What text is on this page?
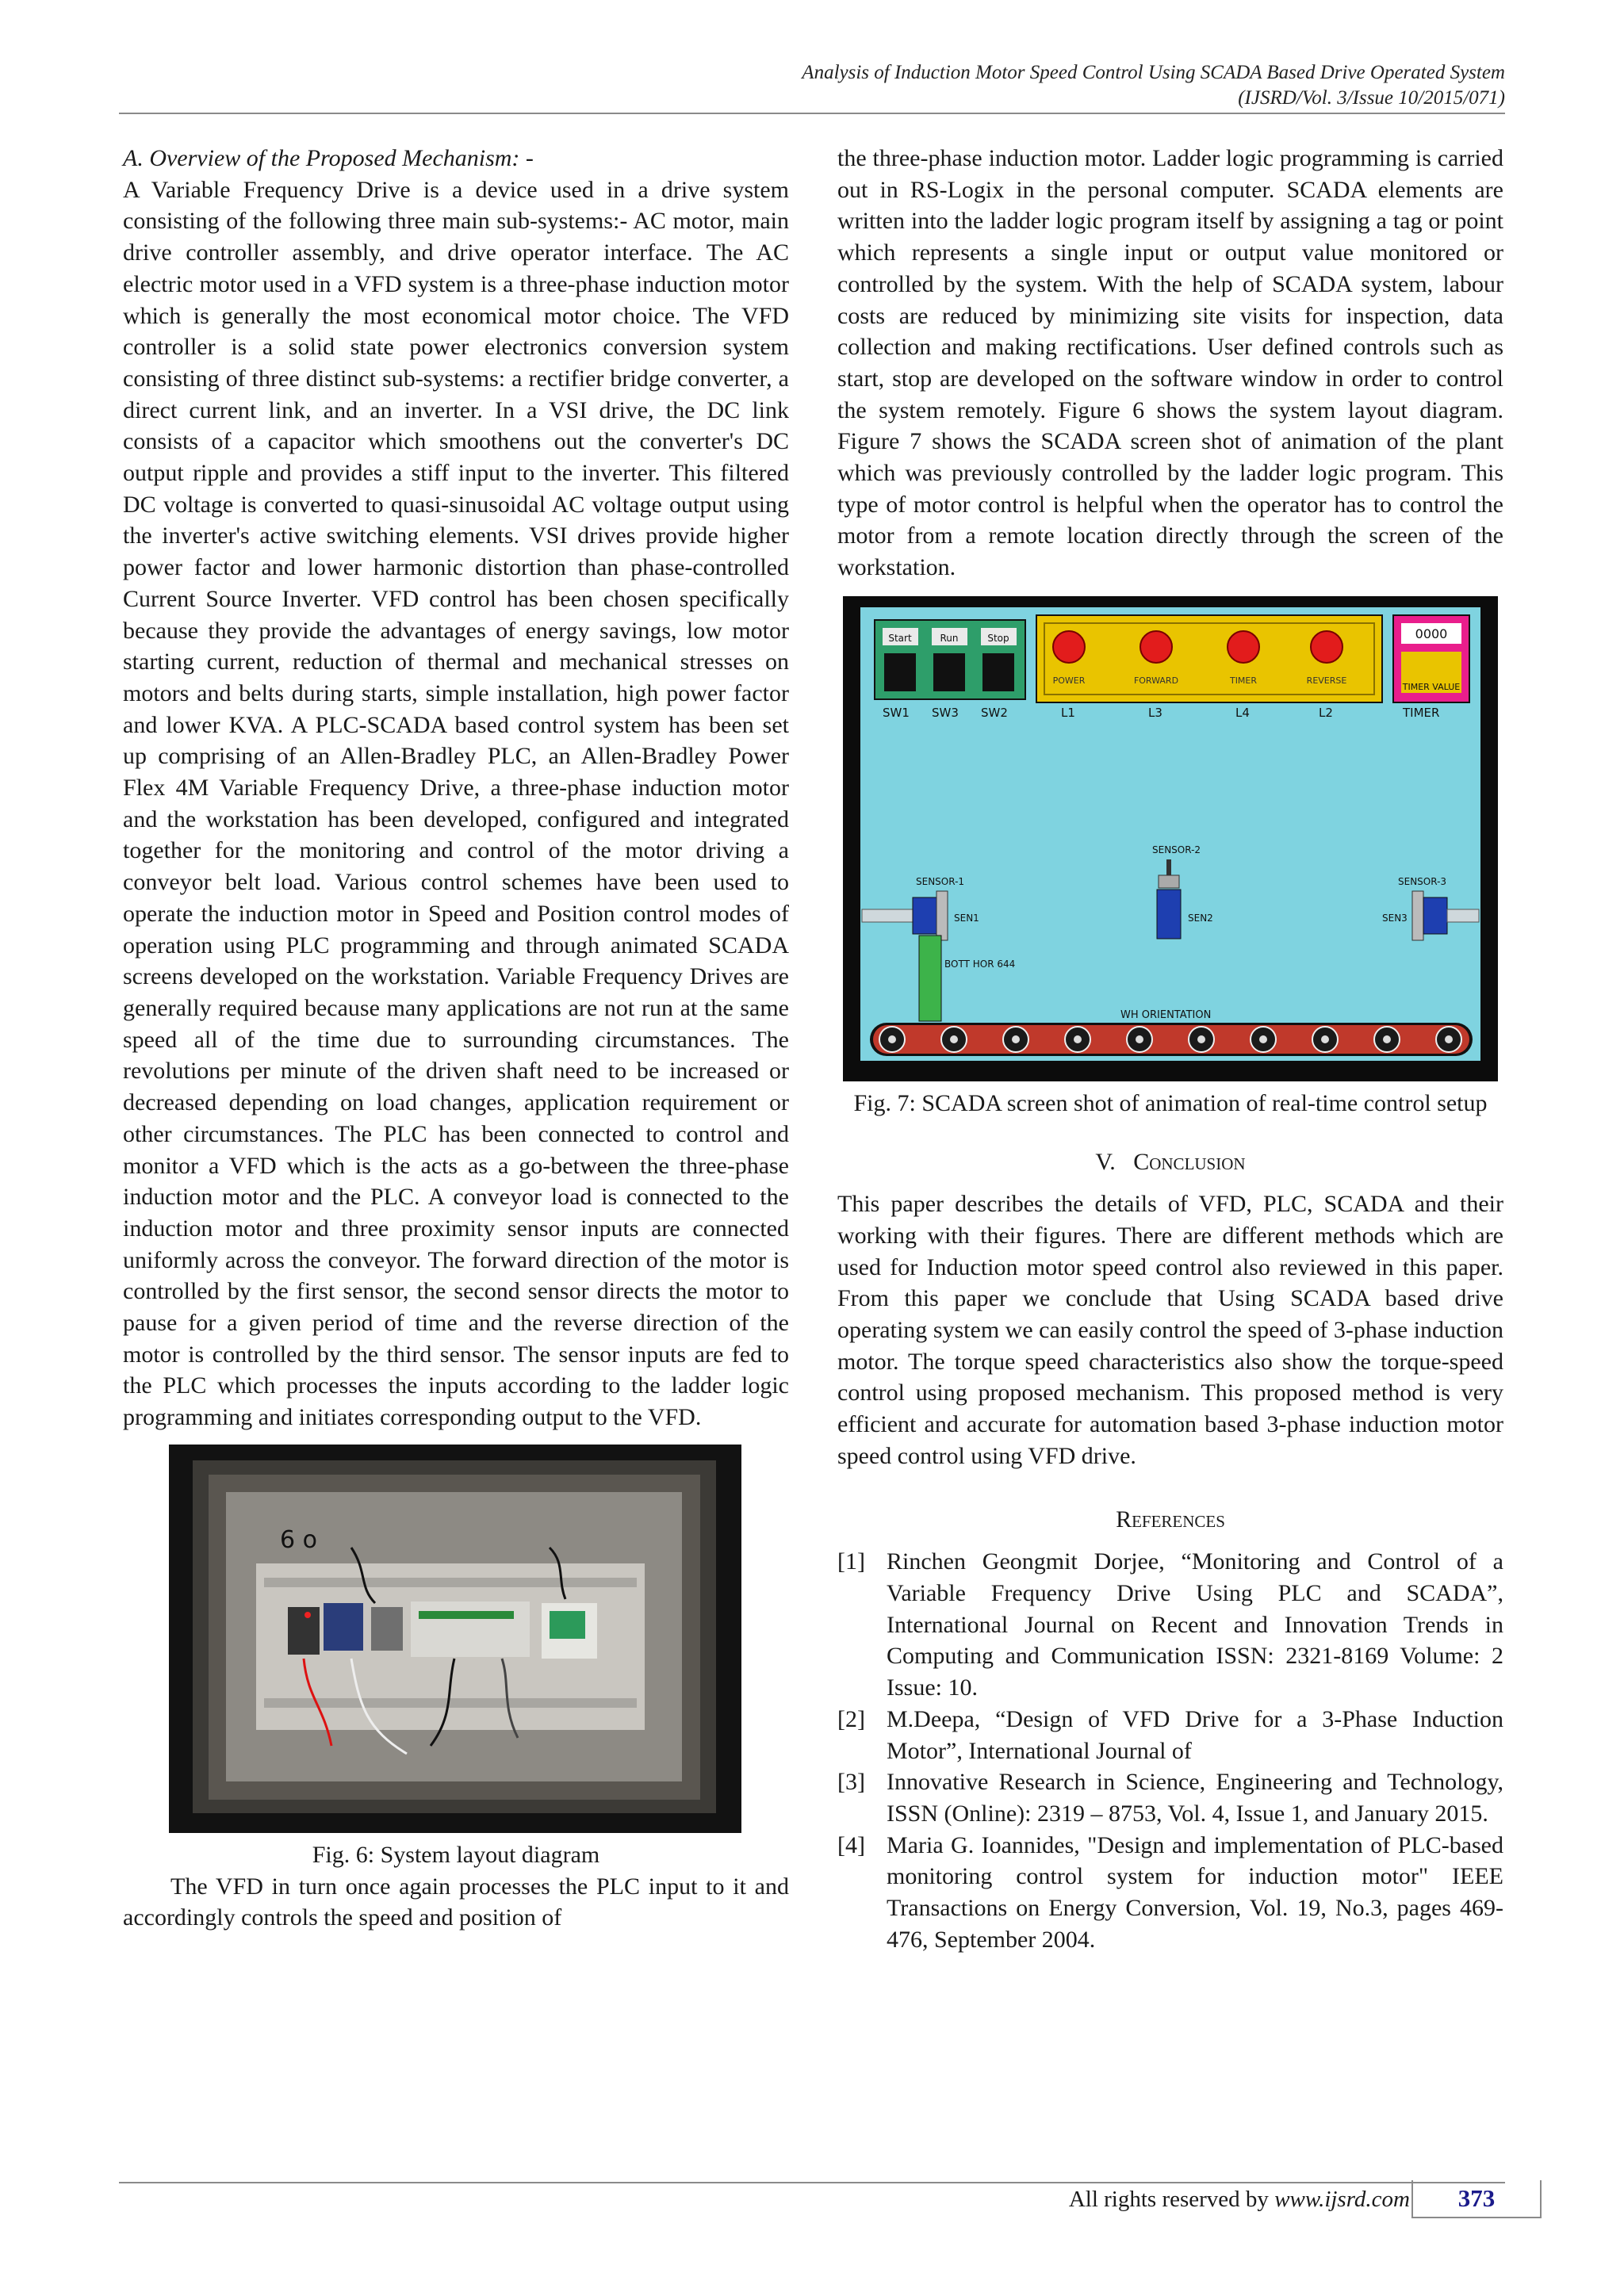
Analysis of Induction Motor Speed Control Using SCADA Based Drive Operated System
(IJSRD/Vol. 3/Issue 10/2015/071)

A. Overview of the Proposed Mechanism: -

A Variable Frequency Drive is a device used in a drive system consisting of the following three main sub-systems:- AC motor, main drive controller assembly, and drive operator interface. The AC electric motor used in a VFD system is a three-phase induction motor which is generally the most economical motor choice. The VFD controller is a solid state power electronics conversion system consisting of three distinct sub-systems: a rectifier bridge converter, a direct current link, and an inverter. In a VSI drive, the DC link consists of a capacitor which smoothens out the converter's DC output ripple and provides a stiff input to the inverter. This filtered DC voltage is converted to quasi-sinusoidal AC voltage output using the inverter's active switching elements. VSI drives provide higher power factor and lower harmonic distortion than phase-controlled Current Source Inverter. VFD control has been chosen specifically because they provide the advantages of energy savings, low motor starting current, reduction of thermal and mechanical stresses on motors and belts during starts, simple installation, high power factor and lower KVA. A PLC-SCADA based control system has been set up comprising of an Allen-Bradley PLC, an Allen-Bradley Power Flex 4M Variable Frequency Drive, a three-phase induction motor and the workstation has been developed, configured and integrated together for the monitoring and control of the motor driving a conveyor belt load. Various control schemes have been used to operate the induction motor in Speed and Position control modes of operation using PLC programming and through animated SCADA screens developed on the workstation. Variable Frequency Drives are generally required because many applications are not run at the same speed all of the time due to surrounding circumstances. The revolutions per minute of the driven shaft need to be increased or decreased depending on load changes, application requirement or other circumstances. The PLC has been connected to control and monitor a VFD which is the acts as a go-between the three-phase induction motor and the PLC. A conveyor load is connected to the induction motor and three proximity sensor inputs are connected uniformly across the conveyor. The forward direction of the motor is controlled by the first sensor, the second sensor directs the motor to pause for a given period of time and the reverse direction of the motor is controlled by the third sensor. The sensor inputs are fed to the PLC which processes the inputs according to the ladder logic programming and initiates corresponding output to the VFD.

6 o

Fig. 6: System layout diagram

The VFD in turn once again processes the PLC input to it and accordingly controls the speed and position of

the three-phase induction motor. Ladder logic programming is carried out in RS-Logix in the personal computer. SCADA elements are written into the ladder logic program itself by assigning a tag or point which represents a single input or output value monitored or controlled by the system. With the help of SCADA system, labour costs are reduced by minimizing site visits for inspection, data collection and making rectifications. User defined controls such as start, stop are developed on the software window in order to control the system remotely. Figure 6 shows the system layout diagram. Figure 7 shows the SCADA screen shot of animation of the plant which was previously controlled by the ladder logic program. This type of motor control is helpful when the operator has to control the motor from a remote location directly through the screen of the workstation.

Start	Run	Stop
SW1 SW3 SW2
POWER	FORWARD	TIMER	REVERSE
L1	L3	L4	L2
0000
TIMER VALUE
TIMER
SENSOR-1
SENSOR-2
SENSOR-3
SEN1	SEN2	SEN3
BOTT HOR 644
WH ORIENTATION

Fig. 7: SCADA screen shot of animation of real-time control setup

V. Conclusion

This paper describes the details of VFD, PLC, SCADA and their working with their figures. There are different methods which are used for Induction motor speed control also reviewed in this paper. From this paper we conclude that Using SCADA based drive operating system we can easily control the speed of 3-phase induction motor. The torque speed characteristics also show the torque-speed control using proposed mechanism. This proposed method is very efficient and accurate for automation based 3-phase induction motor speed control using VFD drive.

References
[1] Rinchen Geongmit Dorjee, “Monitoring and Control of a Variable Frequency Drive Using PLC and SCADA”, International Journal on Recent and Innovation Trends in Computing and Communication ISSN: 2321-8169 Volume: 2 Issue: 10.
[2] M.Deepa, “Design of VFD Drive for a 3-Phase Induction Motor”, International Journal of
[3] Innovative Research in Science, Engineering and Technology, ISSN (Online): 2319 – 8753, Vol. 4, Issue 1, and January 2015.
[4] Maria G. Ioannides, "Design and implementation of PLC-based monitoring control system for induction motor" IEEE Transactions on Energy Conversion, Vol. 19, No.3, pages 469-476, September 2004.
All rights reserved by www.ijsrd.com	373
